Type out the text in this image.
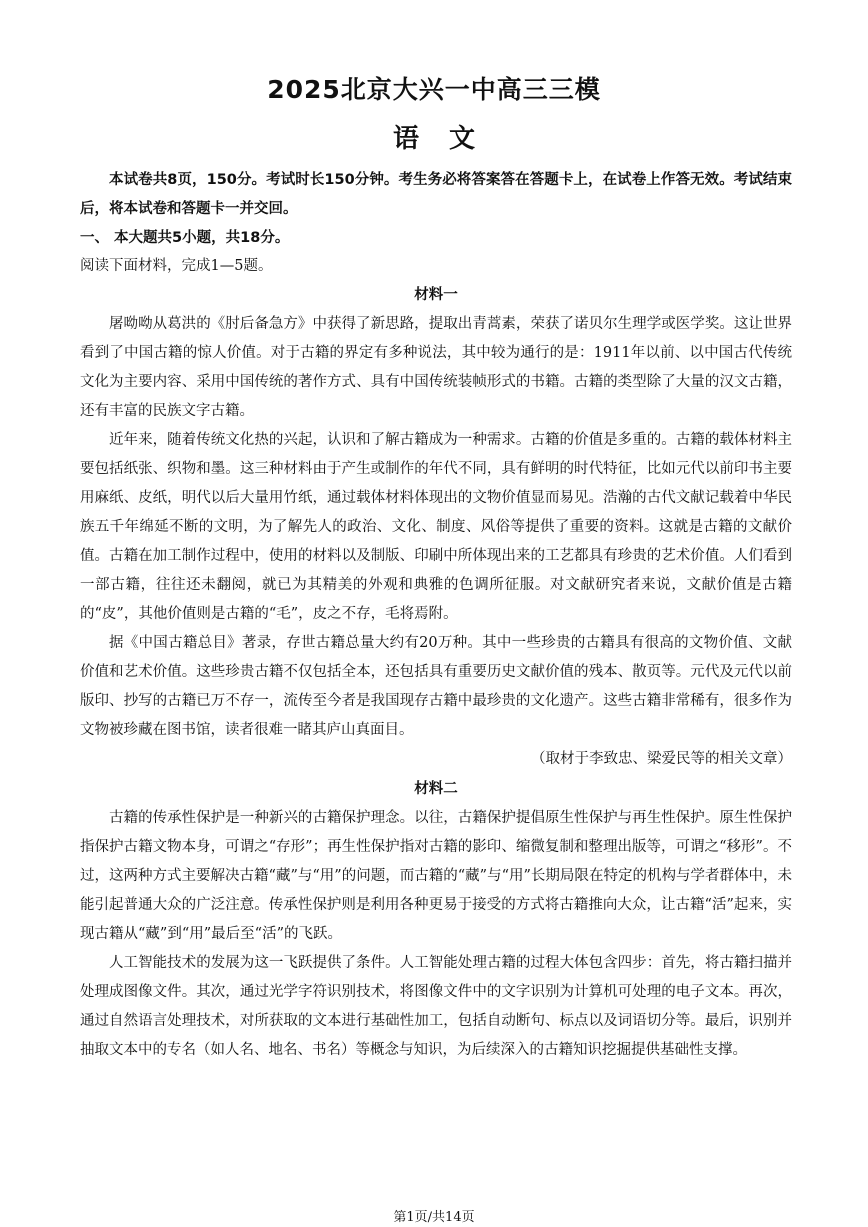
2025北京大兴一中高三三模
语文

本试卷共8页，150分。考试时长150分钟。考生务必将答案答在答题卡上，在试卷上作答无效。考试结束后，将本试卷和答题卡一并交回。

一、 本大题共5小题，共18分。
阅读下面材料，完成1—5题。
材料一

屠呦呦从葛洪的《肘后备急方》中获得了新思路，提取出青蒿素，荣获了诺贝尔生理学或医学奖。这让世界看到了中国古籍的惊人价值。对于古籍的界定有多种说法，其中较为通行的是：1911年以前、以中国古代传统文化为主要内容、采用中国传统的著作方式、具有中国传统装帧形式的书籍。古籍的类型除了大量的汉文古籍，还有丰富的民族文字古籍。

近年来，随着传统文化热的兴起，认识和了解古籍成为一种需求。古籍的价值是多重的。古籍的载体材料主要包括纸张、织物和墨。这三种材料由于产生或制作的年代不同，具有鲜明的时代特征，比如元代以前印书主要用麻纸、皮纸，明代以后大量用竹纸，通过载体材料体现出的文物价值显而易见。浩瀚的古代文献记载着中华民族五千年绵延不断的文明，为了解先人的政治、文化、制度、风俗等提供了重要的资料。这就是古籍的文献价值。古籍在加工制作过程中，使用的材料以及制版、印刷中所体现出来的工艺都具有珍贵的艺术价值。人们看到一部古籍，往往还未翻阅，就已为其精美的外观和典雅的色调所征服。对文献研究者来说，文献价值是古籍的“皮”，其他价值则是古籍的“毛”，皮之不存，毛将焉附。

据《中国古籍总目》著录，存世古籍总量大约有20万种。其中一些珍贵的古籍具有很高的文物价值、文献价值和艺术价值。这些珍贵古籍不仅包括全本，还包括具有重要历史文献价值的残本、散页等。元代及元代以前版印、抄写的古籍已万不存一，流传至今者是我国现存古籍中最珍贵的文化遗产。这些古籍非常稀有，很多作为文物被珍藏在图书馆，读者很难一睹其庐山真面目。

（取材于李致忠、梁爱民等的相关文章）
材料二

古籍的传承性保护是一种新兴的古籍保护理念。以往，古籍保护提倡原生性保护与再生性保护。原生性保护指保护古籍文物本身，可谓之“存形”；再生性保护指对古籍的影印、缩微复制和整理出版等，可谓之“移形”。不过，这两种方式主要解决古籍“藏”与“用”的问题，而古籍的“藏”与“用”长期局限在特定的机构与学者群体中，未能引起普通大众的广泛注意。传承性保护则是利用各种更易于接受的方式将古籍推向大众，让古籍“活”起来，实现古籍从“藏”到“用”最后至“活”的飞跃。

人工智能技术的发展为这一飞跃提供了条件。人工智能处理古籍的过程大体包含四步：首先，将古籍扫描并处理成图像文件。其次，通过光学字符识别技术，将图像文件中的文字识别为计算机可处理的电子文本。再次，通过自然语言处理技术，对所获取的文本进行基础性加工，包括自动断句、标点以及词语切分等。最后，识别并抽取文本中的专名（如人名、地名、书名）等概念与知识，为后续深入的古籍知识挖掘提供基础性支撑。

第1页/共14页
